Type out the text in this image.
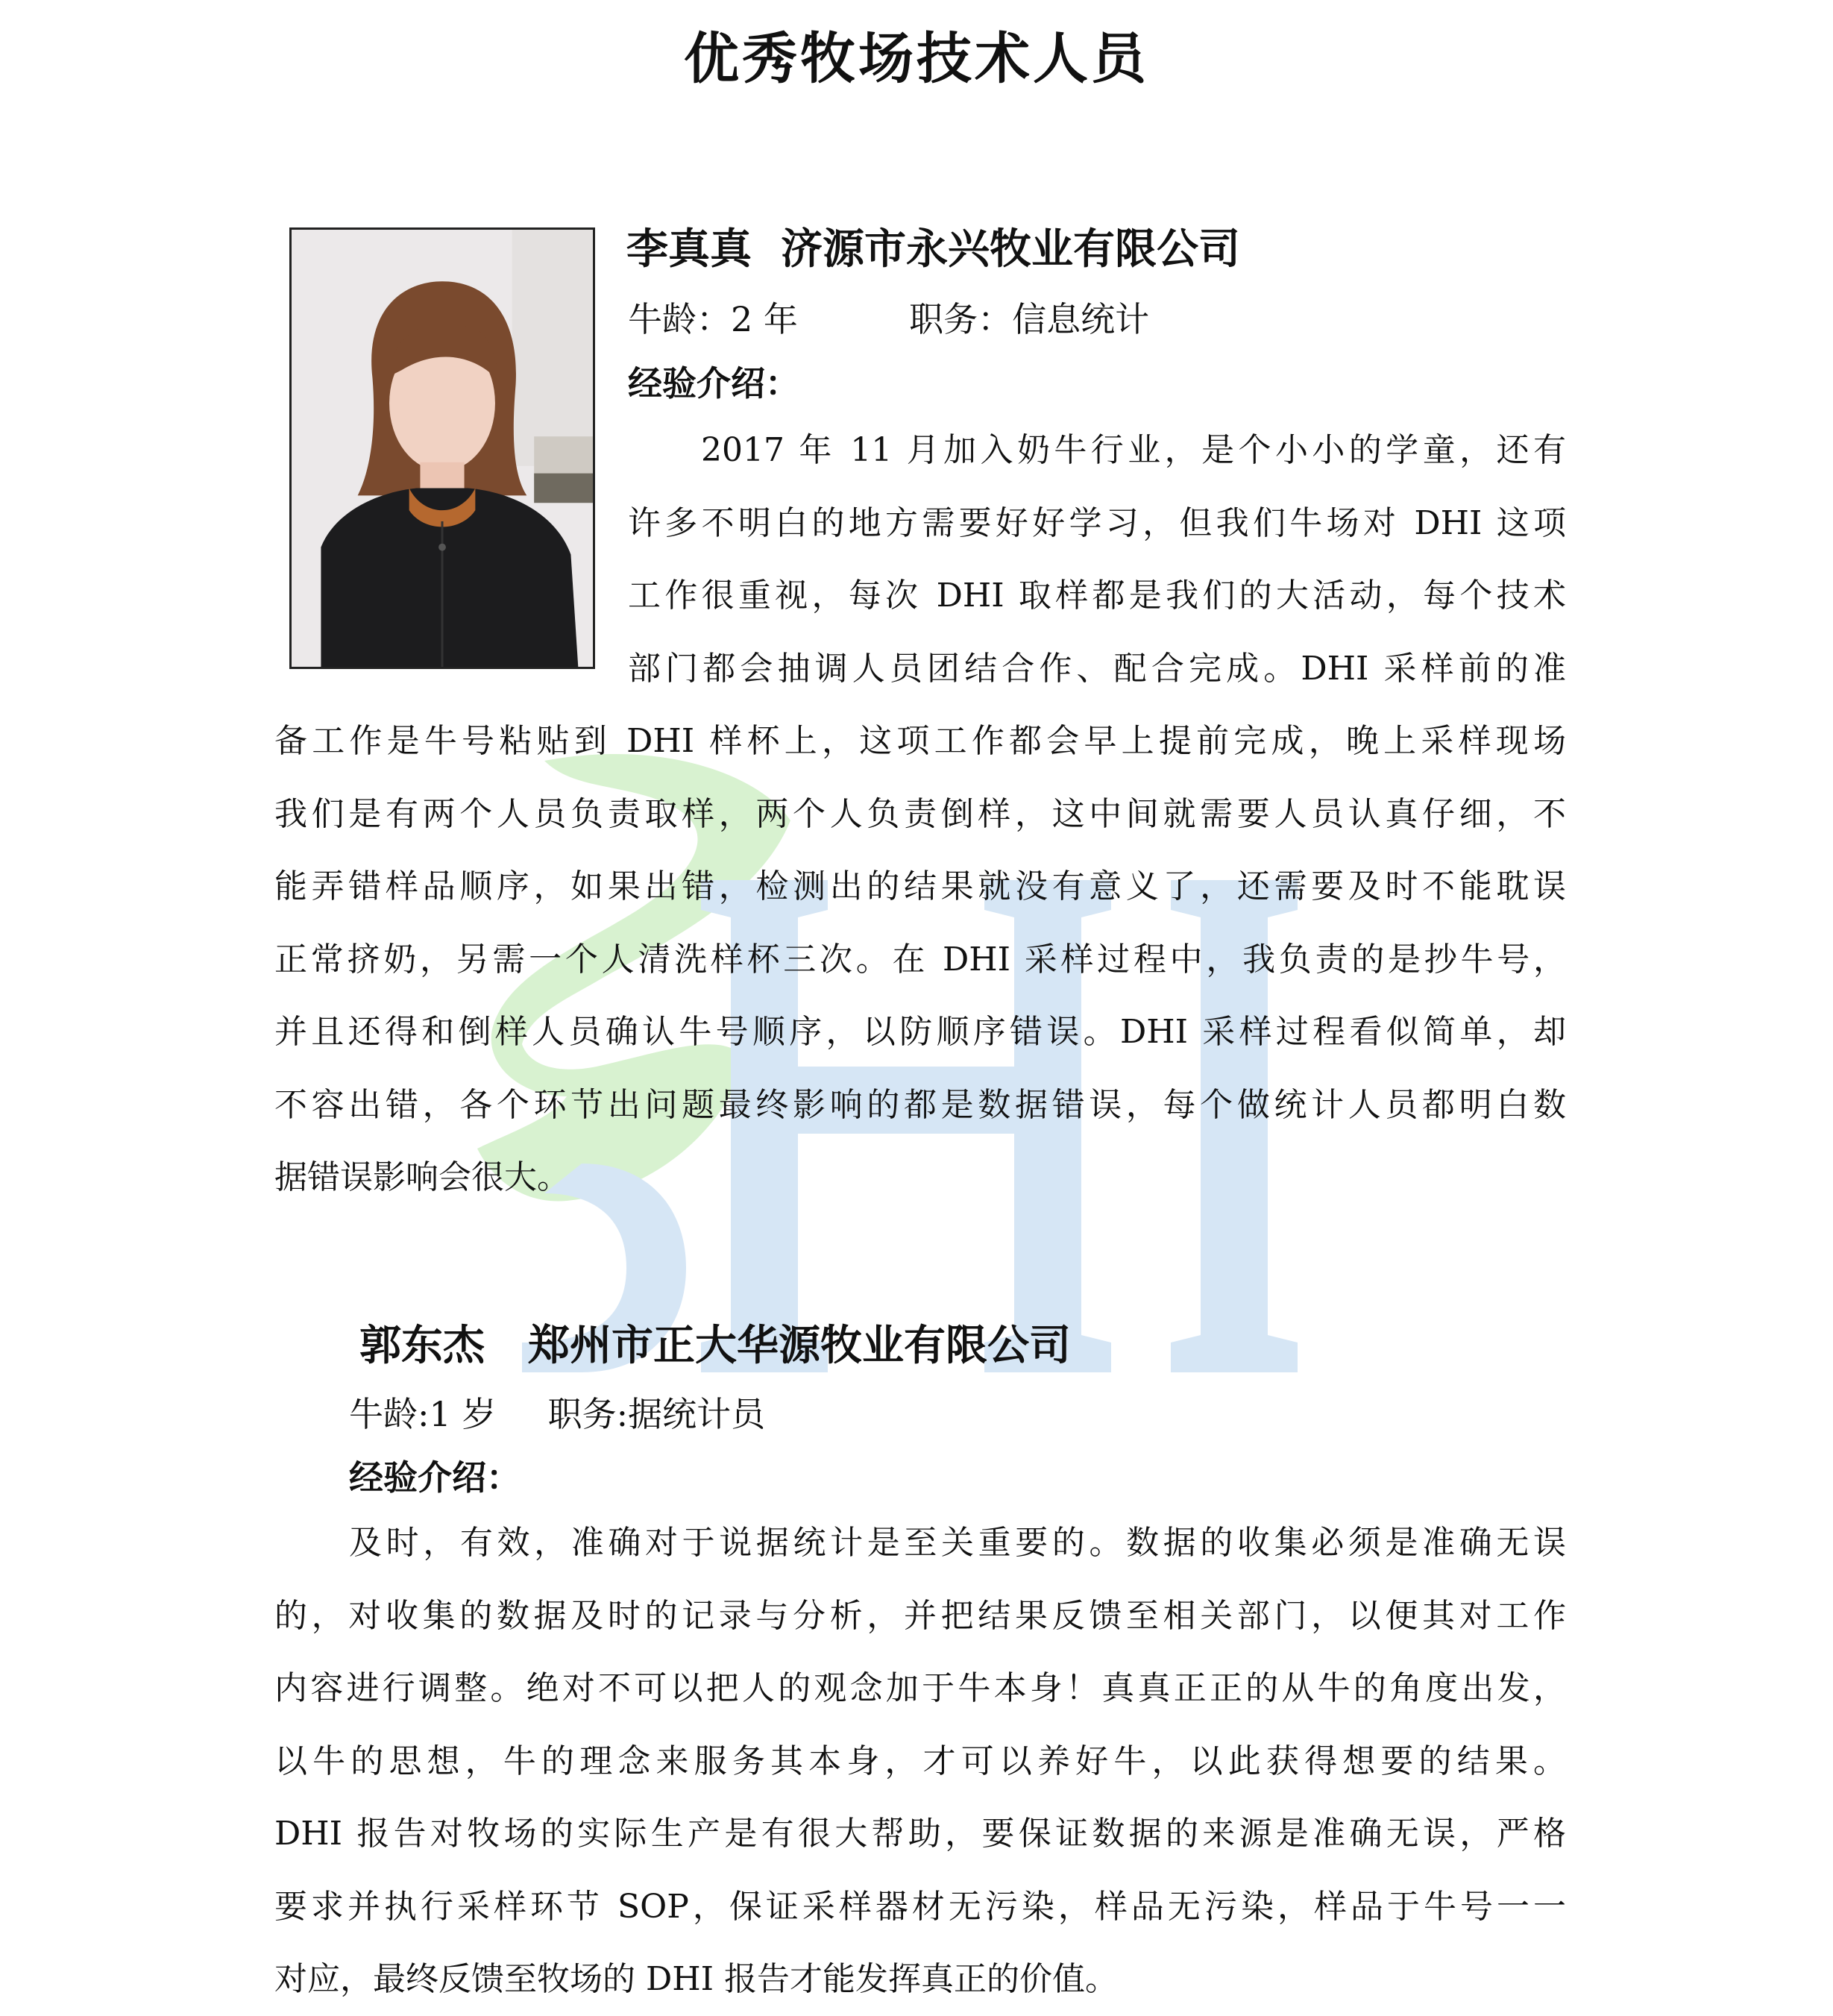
优秀牧场技术人员
李真真 济源市永兴牧业有限公司

牛龄：2 年	职务：信息统计

经验介绍：

2017 年 11 月加入奶牛行业，是个小小的学童，还有
许多不明白的地方需要好好学习，但我们牛场对 DHI 这项
工作很重视，每次 DHI 取样都是我们的大活动，每个技术
部门都会抽调人员团结合作、配合完成。DHI 采样前的准
备工作是牛号粘贴到 DHI 样杯上，这项工作都会早上提前完成，晚上采样现场
我们是有两个人员负责取样，两个人负责倒样，这中间就需要人员认真仔细，不
能弄错样品顺序，如果出错，检测出的结果就没有意义了，还需要及时不能耽误
正常挤奶，另需一个人清洗样杯三次。在 DHI 采样过程中，我负责的是抄牛号，
并且还得和倒样人员确认牛号顺序，以防顺序错误。DHI 采样过程看似简单，却
不容出错，各个环节出问题最终影响的都是数据错误，每个做统计人员都明白数
据错误影响会很大。
郭东杰 郑州市正大华源牧业有限公司

牛龄:1 岁 职务:据统计员

经验介绍：

及时，有效，准确对于说据统计是至关重要的。数据的收集必须是准确无误
的，对收集的数据及时的记录与分析，并把结果反馈至相关部门，以便其对工作
内容进行调整。绝对不可以把人的观念加于牛本身！真真正正的从牛的角度出发，
以牛的思想，牛的理念来服务其本身，才可以养好牛，以此获得想要的结果。
DHI 报告对牧场的实际生产是有很大帮助，要保证数据的来源是准确无误，严格
要求并执行采样环节 SOP，保证采样器材无污染，样品无污染，样品于牛号一一
对应，最终反馈至牧场的 DHI 报告才能发挥真正的价值。
